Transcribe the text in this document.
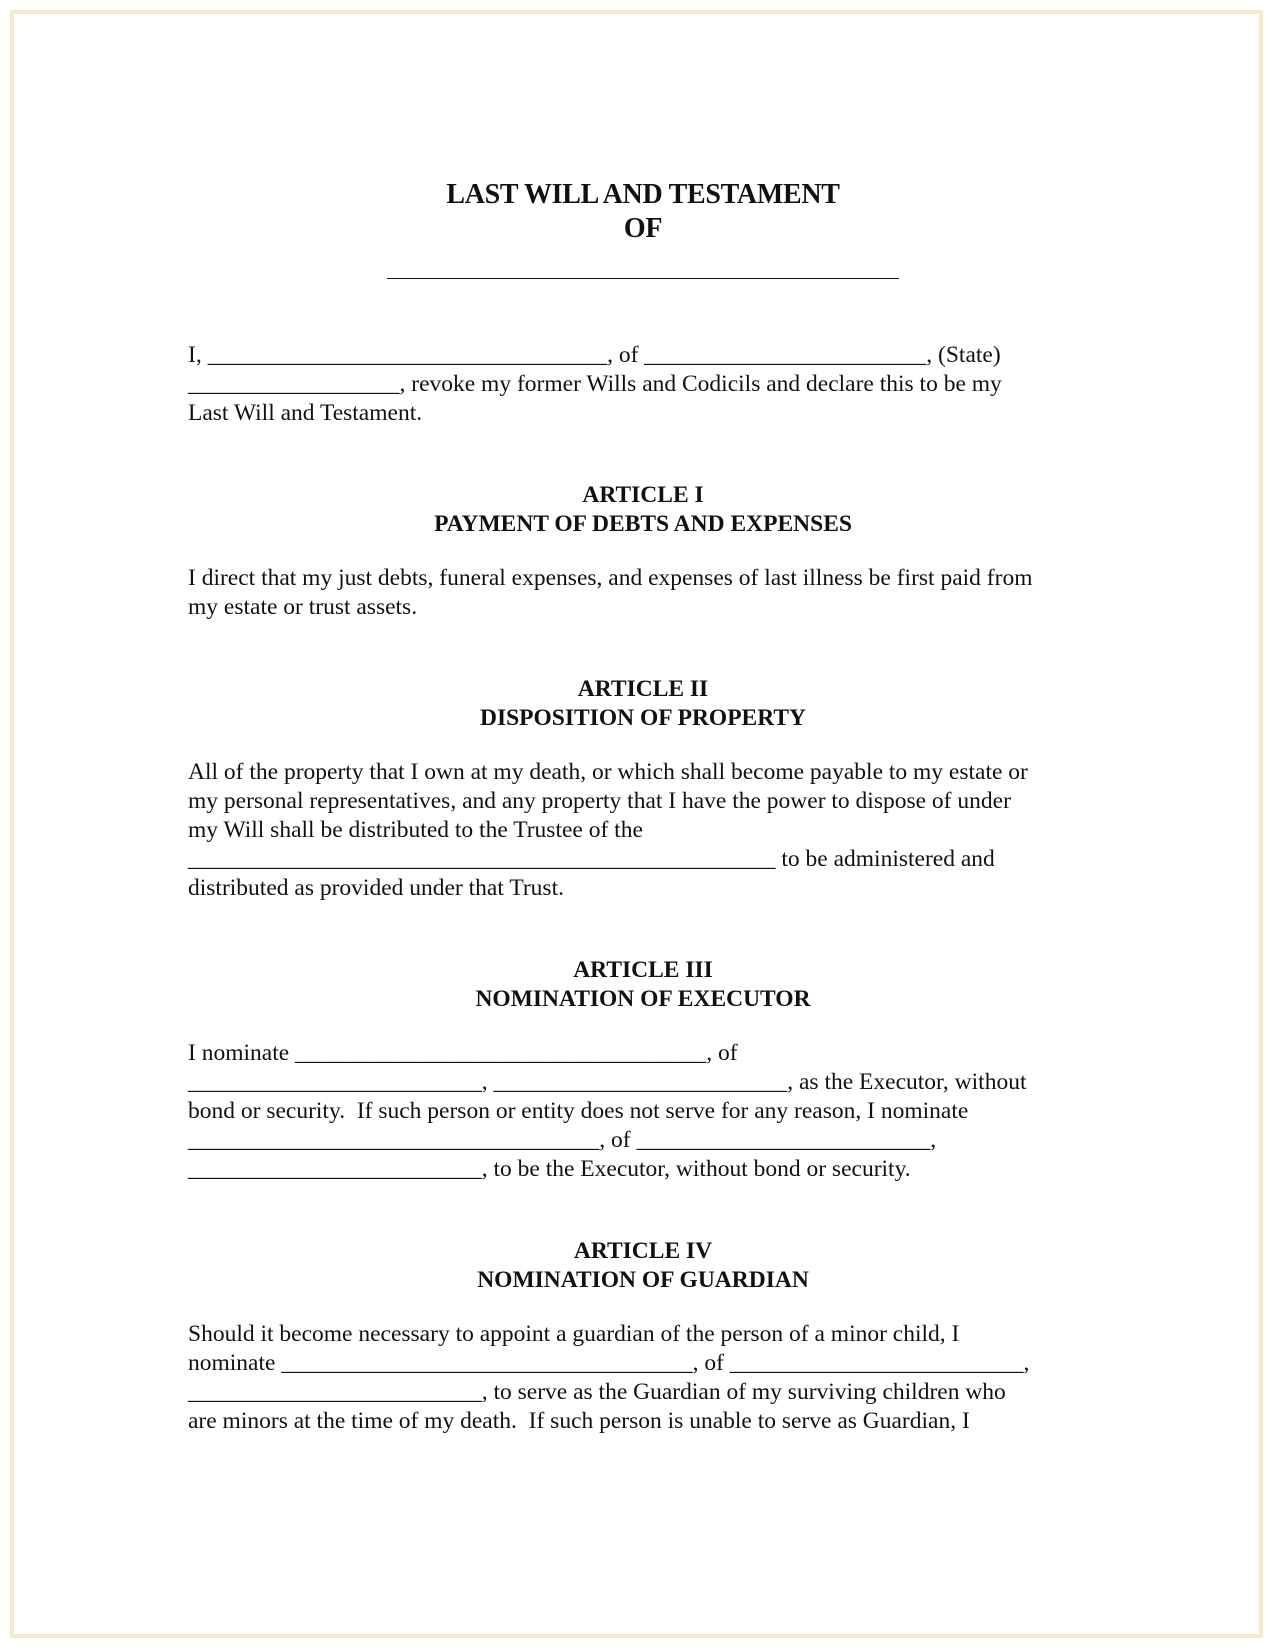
LAST WILL AND TESTAMENT
OF

I, __________________________________, of ________________________, (State)
__________________, revoke my former Wills and Codicils and declare this to be my
Last Will and Testament.

ARTICLE I
PAYMENT OF DEBTS AND EXPENSES

I direct that my just debts, funeral expenses, and expenses of last illness be first paid from
my estate or trust assets.

ARTICLE II
DISPOSITION OF PROPERTY

All of the property that I own at my death, or which shall become payable to my estate or
my personal representatives, and any property that I have the power to dispose of under
my Will shall be distributed to the Trustee of the
__________________________________________________ to be administered and
distributed as provided under that Trust.

ARTICLE III
NOMINATION OF EXECUTOR

I nominate ___________________________________, of
_________________________, _________________________, as the Executor, without
bond or security.  If such person or entity does not serve for any reason, I nominate
___________________________________, of _________________________,
_________________________, to be the Executor, without bond or security.

ARTICLE IV
NOMINATION OF GUARDIAN

Should it become necessary to appoint a guardian of the person of a minor child, I
nominate ___________________________________, of _________________________,
_________________________, to serve as the Guardian of my surviving children who
are minors at the time of my death.  If such person is unable to serve as Guardian, I
